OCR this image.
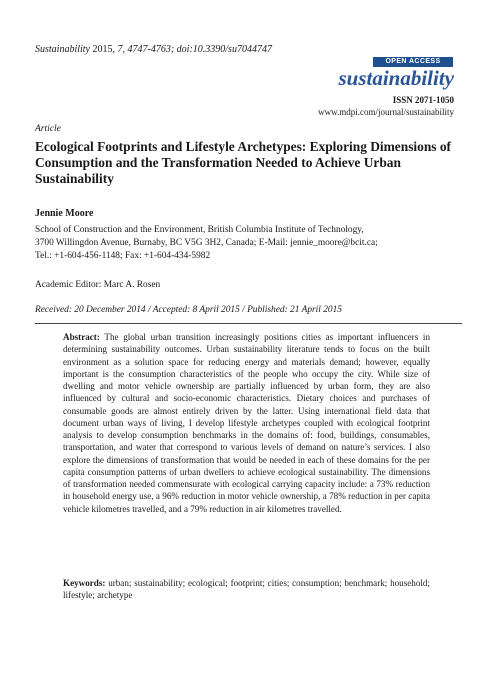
Sustainability 2015, 7, 4747-4763; doi:10.3390/su7044747
OPEN ACCESS
sustainability
ISSN 2071-1050
www.mdpi.com/journal/sustainability
Article
Ecological Footprints and Lifestyle Archetypes: Exploring Dimensions of Consumption and the Transformation Needed to Achieve Urban Sustainability
Jennie Moore
School of Construction and the Environment, British Columbia Institute of Technology,
3700 Willingdon Avenue, Burnaby, BC V5G 3H2, Canada; E-Mail: jennie_moore@bcit.ca;
Tel.: +1-604-456-1148; Fax: +1-604-434-5982
Academic Editor: Marc A. Rosen
Received: 20 December 2014 / Accepted: 8 April 2015 / Published: 21 April 2015
Abstract: The global urban transition increasingly positions cities as important influencers in determining sustainability outcomes. Urban sustainability literature tends to focus on the built environment as a solution space for reducing energy and materials demand; however, equally important is the consumption characteristics of the people who occupy the city. While size of dwelling and motor vehicle ownership are partially influenced by urban form, they are also influenced by cultural and socio-economic characteristics. Dietary choices and purchases of consumable goods are almost entirely driven by the latter. Using international field data that document urban ways of living, I develop lifestyle archetypes coupled with ecological footprint analysis to develop consumption benchmarks in the domains of: food, buildings, consumables, transportation, and water that correspond to various levels of demand on nature’s services. I also explore the dimensions of transformation that would be needed in each of these domains for the per capita consumption patterns of urban dwellers to achieve ecological sustainability. The dimensions of transformation needed commensurate with ecological carrying capacity include: a 73% reduction in household energy use, a 96% reduction in motor vehicle ownership, a 78% reduction in per capita vehicle kilometres travelled, and a 79% reduction in air kilometres travelled.
Keywords: urban; sustainability; ecological; footprint; cities; consumption; benchmark; household; lifestyle; archetype
